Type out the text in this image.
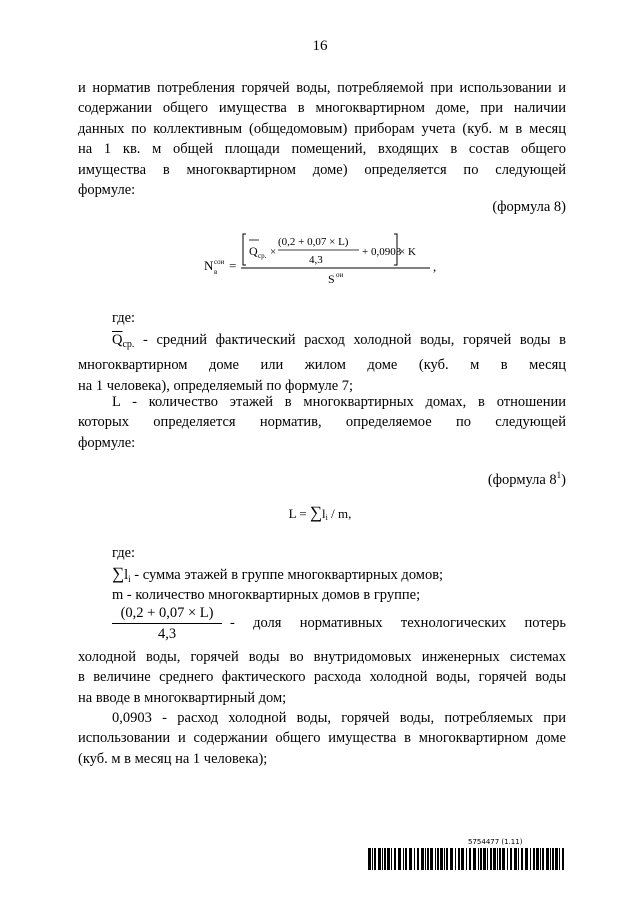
16
и норматив потребления горячей воды, потребляемой при использовании и
содержании общего имущества в многоквартирном доме, при наличии
данных по коллективным (общедомовым) приборам учета (куб. м в месяц
на 1 кв. м общей площади помещений, входящих в состав общего
имущества в многоквартирном доме) определяется по следующей
формуле:
(формула 8)
N сои
в =
Q ср. ×
(0,2 + 0,07 × L)
4,3
+ 0,0903
× K
S ои
,
где:
$\overline{Q}_{ср.}$ - средний фактический расход холодной воды, горячей воды в
многоквартирном доме или жилом доме (куб. м в месяц
на 1 человека), определяемый по формуле 7;
L - количество этажей в многоквартирных домах, в отношении
которых определяется норматив, определяемое по следующей
формуле:
(формула $8^1$)
L = ∑li / m,
где:
$\sum l_i$ - сумма этажей в группе многоквартирных домов;
m - количество многоквартирных домов в группе;
$\frac{(0,2 + 0,07 \times L)}{4,3}$ - доля нормативных технологических потерь
холодной воды, горячей воды во внутридомовых инженерных системах
в величине среднего фактического расхода холодной воды, горячей воды
на вводе в многоквартирный дом;
0,0903 - расход холодной воды, горячей воды, потребляемых при
использовании и содержании общего имущества в многоквартирном доме
(куб. м в месяц на 1 человека);
5754477 (1.11)
